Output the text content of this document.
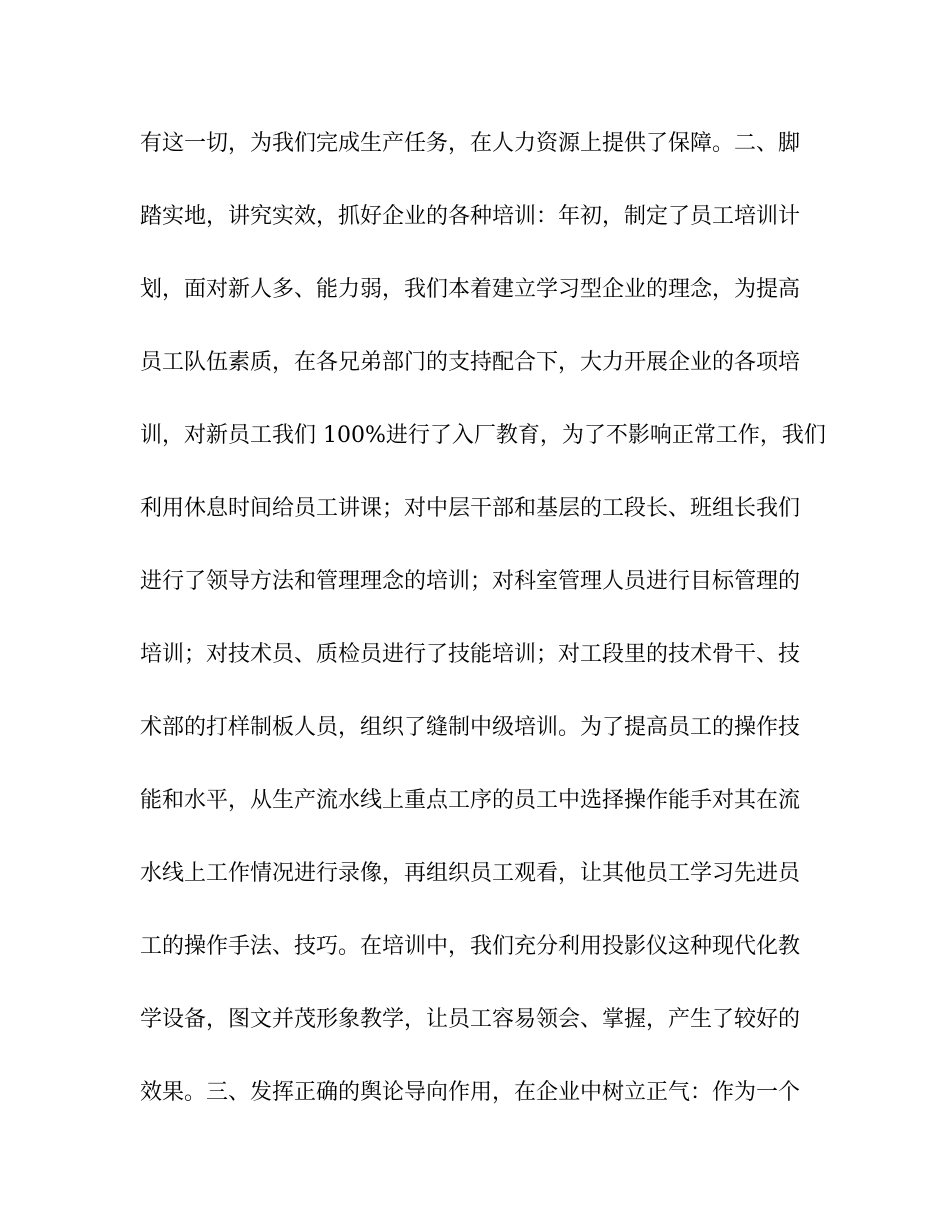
有这一切，为我们完成生产任务，在人力资源上提供了保障。二、脚
踏实地，讲究实效，抓好企业的各种培训：年初，制定了员工培训计
划，面对新人多、能力弱，我们本着建立学习型企业的理念，为提高
员工队伍素质，在各兄弟部门的支持配合下，大力开展企业的各项培
训，对新员工我们 100%进行了入厂教育，为了不影响正常工作，我们
利用休息时间给员工讲课；对中层干部和基层的工段长、班组长我们
进行了领导方法和管理理念的培训；对科室管理人员进行目标管理的
培训；对技术员、质检员进行了技能培训；对工段里的技术骨干、技
术部的打样制板人员，组织了缝制中级培训。为了提高员工的操作技
能和水平，从生产流水线上重点工序的员工中选择操作能手对其在流
水线上工作情况进行录像，再组织员工观看，让其他员工学习先进员
工的操作手法、技巧。在培训中，我们充分利用投影仪这种现代化教
学设备，图文并茂形象教学，让员工容易领会、掌握，产生了较好的
效果。三、发挥正确的舆论导向作用，在企业中树立正气：作为一个
